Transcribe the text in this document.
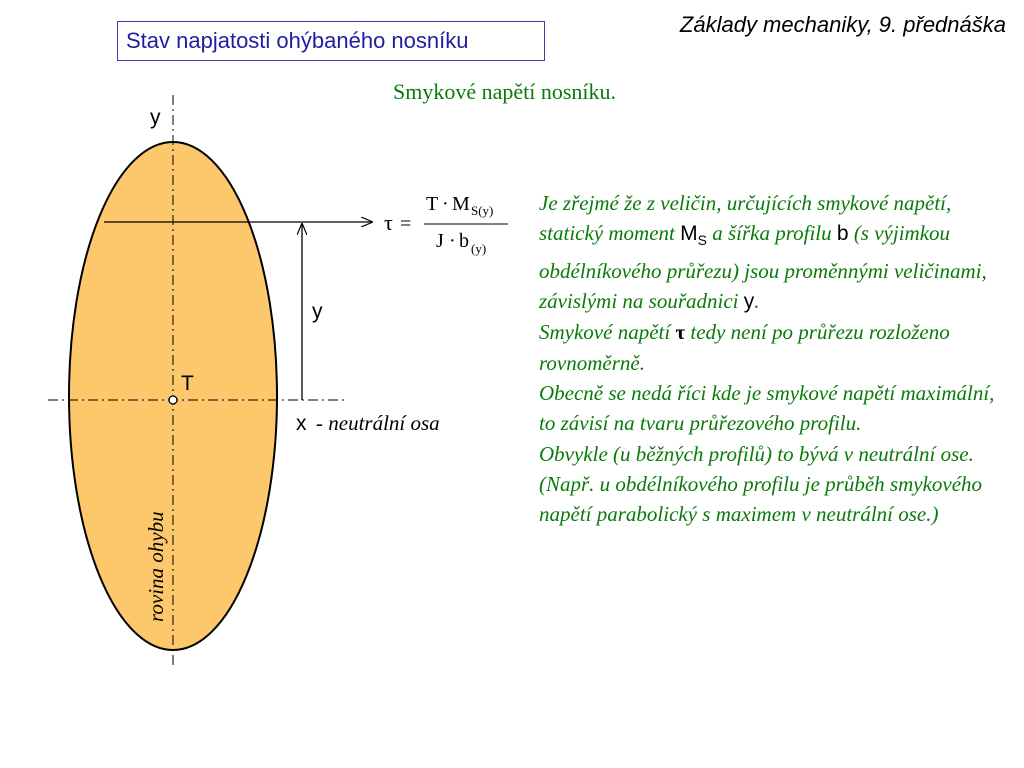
Stav napjatosti ohýbaného nosníku
Základy mechaniky, 9. přednáška
Smykové napětí nosníku.
y
y
T
x - neutrální osa
rovina ohybu
τ =
T · M S(y)
J · b (y)

Je zřejmé že z veličin, určujících smykové napětí, statický moment $M_S$ a šířka profilu b (s výjimkou obdélníkového průřezu) jsou proměnnými veličinami, závislými na souřadnici y.

Smykové napětí τ tedy není po průřezu rozloženo rovnoměrně.

Obecně se nedá říci kde je smykové napětí maximální, to závisí na tvaru průřezového profilu.

Obvykle (u běžných profilů) to bývá v neutrální ose.

(Např. u obdélníkového profilu je průběh smykového napětí parabolický s maximem v neutrální ose.)
